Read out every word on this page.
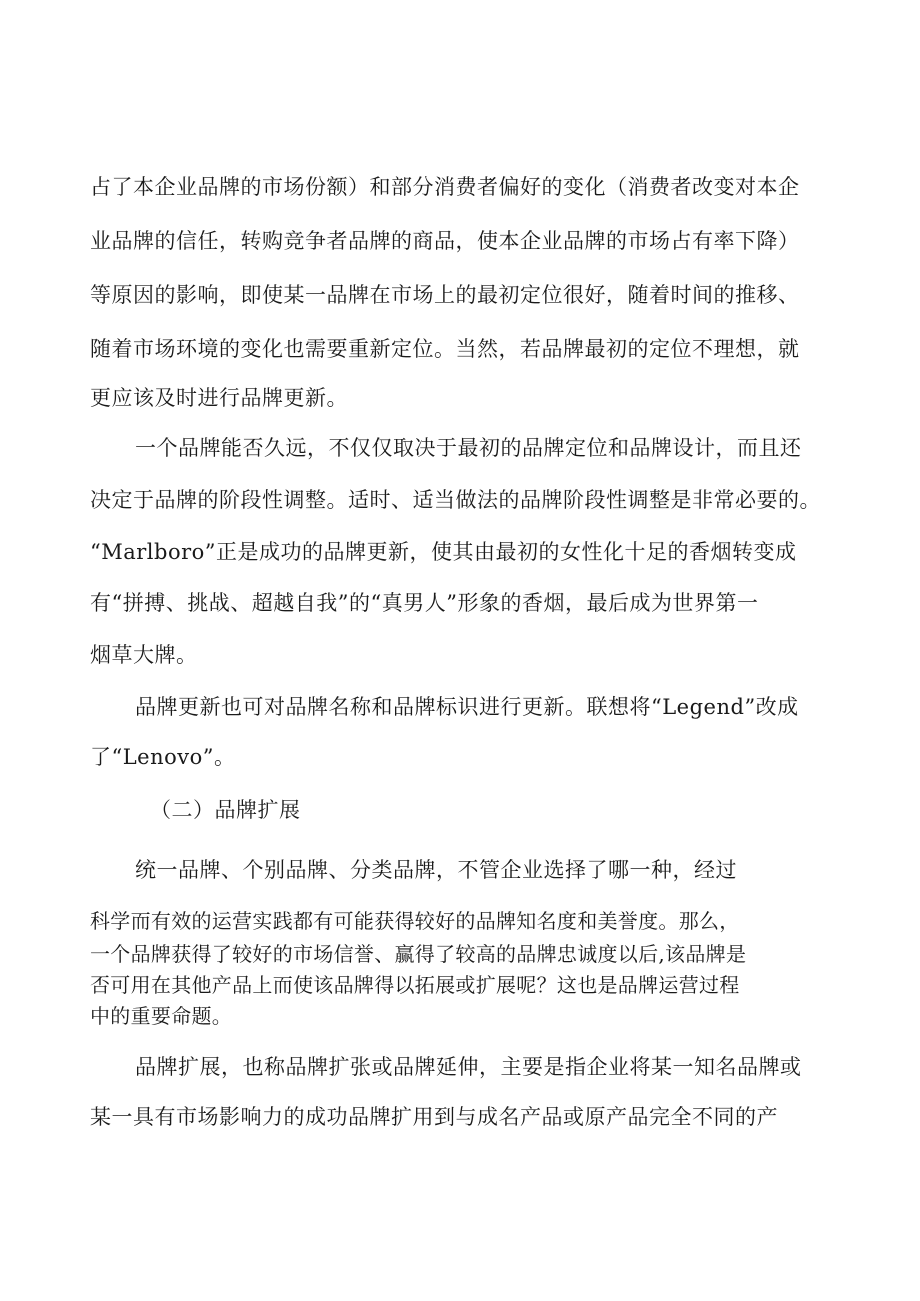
占了本企业品牌的市场份额）和部分消费者偏好的变化（消费者改变对本企
业品牌的信任，转购竞争者品牌的商品，使本企业品牌的市场占有率下降）
等原因的影响，即使某一品牌在市场上的最初定位很好，随着时间的推移、
随着市场环境的变化也需要重新定位。当然，若品牌最初的定位不理想，就
更应该及时进行品牌更新。
一个品牌能否久远，不仅仅取决于最初的品牌定位和品牌设计，而且还
决定于品牌的阶段性调整。适时、适当做法的品牌阶段性调整是非常必要的。
“Marlboro”正是成功的品牌更新，使其由最初的女性化十足的香烟转变成
有“拼搏、挑战、超越自我”的“真男人”形象的香烟，最后成为世界第一
烟草大牌。
品牌更新也可对品牌名称和品牌标识进行更新。联想将“Legend”改成
了“Lenovo”。
（二）品牌扩展
统一品牌、个别品牌、分类品牌，不管企业选择了哪一种，经过
科学而有效的运营实践都有可能获得较好的品牌知名度和美誉度。那么，
一个品牌获得了较好的市场信誉、赢得了较高的品牌忠诚度以后,该品牌是
否可用在其他产品上而使该品牌得以拓展或扩展呢？这也是品牌运营过程
中的重要命题。
品牌扩展，也称品牌扩张或品牌延伸，主要是指企业将某一知名品牌或
某一具有市场影响力的成功品牌扩用到与成名产品或原产品完全不同的产
